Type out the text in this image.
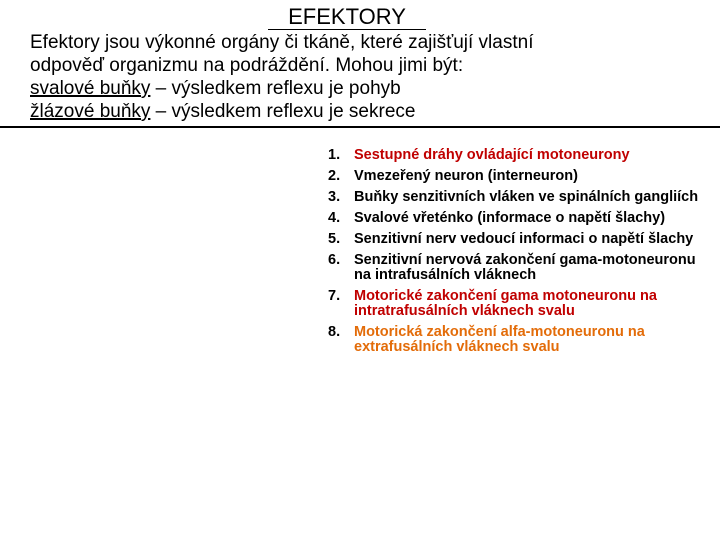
EFEKTORY
Efektory jsou výkonné orgány či tkáně, které zajišťují vlastní
odpověď organizmu na podráždění. Mohou jimi být:
svalové buňky – výsledkem reflexu je pohyb
žlázové buňky – výsledkem reflexu je sekrece
1. Sestupné dráhy ovládající motoneurony
2. Vmezeřený neuron (interneuron)
3. Buňky senzitivních vláken ve spinálních gangliích
4. Svalové vřeténko (informace o napětí šlachy)
5. Senzitivní nerv vedoucí informaci o napětí šlachy
6. Senzitivní nervová zakončení gama-motoneuronu na intrafusálních vláknech
7. Motorické zakončení gama motoneuronu na intratrafusálních vláknech svalu
8. Motorická zakončení alfa-motoneuronu na extrafusálních vláknech svalu
